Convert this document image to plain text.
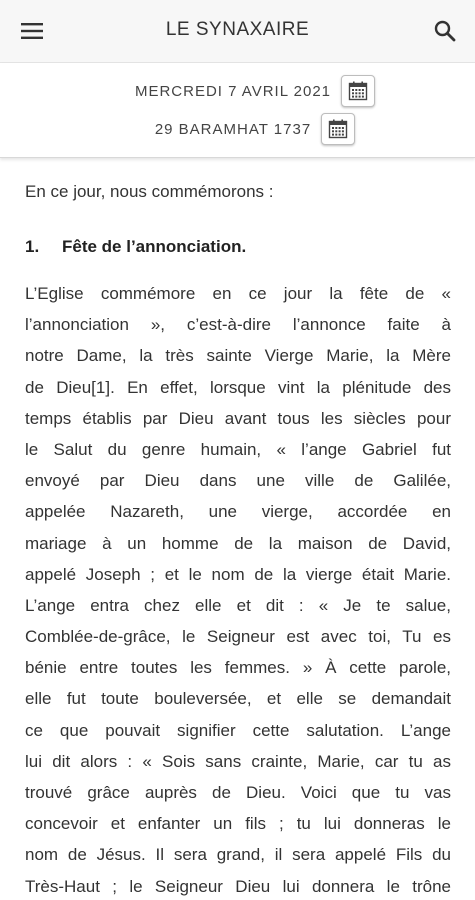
LE SYNAXAIRE
MERCREDI 7 AVRIL 2021
29 BARAMHAT 1737

En ce jour, nous commémorons :

1.	Fête de l’annonciation.
L’Eglise commémore en ce jour la fête de «
l’annonciation », c’est-à-dire l’annonce faite à
notre Dame, la très sainte Vierge Marie, la Mère
de Dieu[1]. En effet, lorsque vint la plénitude des
temps établis par Dieu avant tous les siècles pour
le Salut du genre humain, « l’ange Gabriel fut
envoyé par Dieu dans une ville de Galilée,
appelée Nazareth, une vierge, accordée en
mariage à un homme de la maison de David,
appelé Joseph ; et le nom de la vierge était Marie.
L’ange entra chez elle et dit : « Je te salue,
Comblée-de-grâce, le Seigneur est avec toi, Tu es
bénie entre toutes les femmes. » À cette parole,
elle fut toute bouleversée, et elle se demandait
ce que pouvait signifier cette salutation. L’ange
lui dit alors : « Sois sans crainte, Marie, car tu as
trouvé grâce auprès de Dieu. Voici que tu vas
concevoir et enfanter un fils ; tu lui donneras le
nom de Jésus. Il sera grand, il sera appelé Fils du
Très-Haut ; le Seigneur Dieu lui donnera le trône
